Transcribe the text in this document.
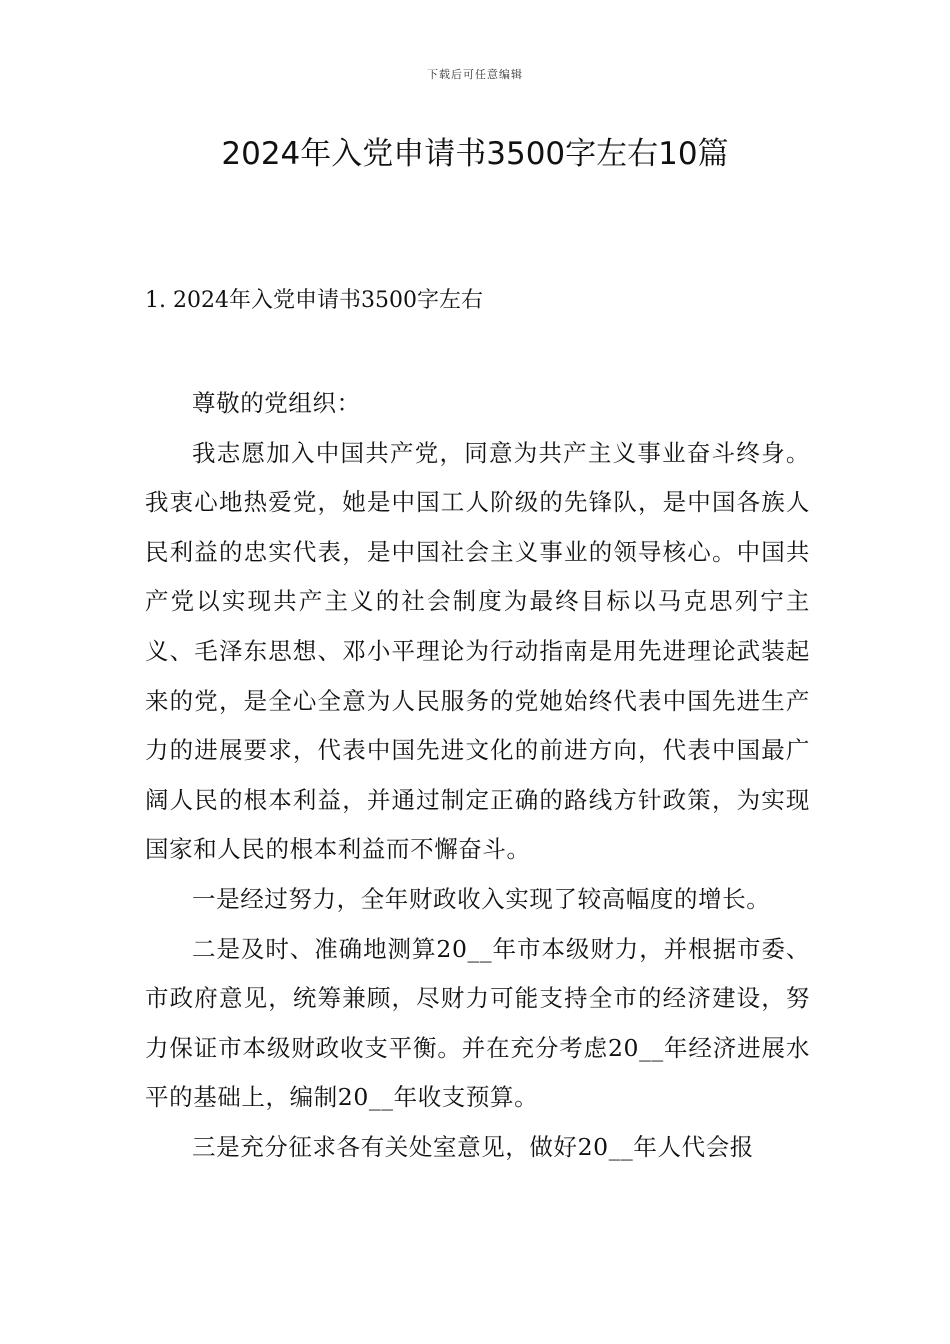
下载后可任意编辑
2024年入党申请书3500字左右10篇
1. 2024年入党申请书3500字左右

尊敬的党组织：

我志愿加入中国共产党，同意为共产主义事业奋斗终身。我衷心地热爱党，她是中国工人阶级的先锋队，是中国各族人民利益的忠实代表，是中国社会主义事业的领导核心。中国共产党以实现共产主义的社会制度为最终目标以马克思列宁主义、毛泽东思想、邓小平理论为行动指南是用先进理论武装起来的党，是全心全意为人民服务的党她始终代表中国先进生产力的进展要求，代表中国先进文化的前进方向，代表中国最广阔人民的根本利益，并通过制定正确的路线方针政策，为实现国家和人民的根本利益而不懈奋斗。

一是经过努力，全年财政收入实现了较高幅度的增长。

二是及时、准确地测算20__年市本级财力，并根据市委、市政府意见，统筹兼顾，尽财力可能支持全市的经济建设，努力保证市本级财政收支平衡。并在充分考虑20__年经济进展水平的基础上，编制20__年收支预算。

三是充分征求各有关处室意见，做好20__年人代会报
